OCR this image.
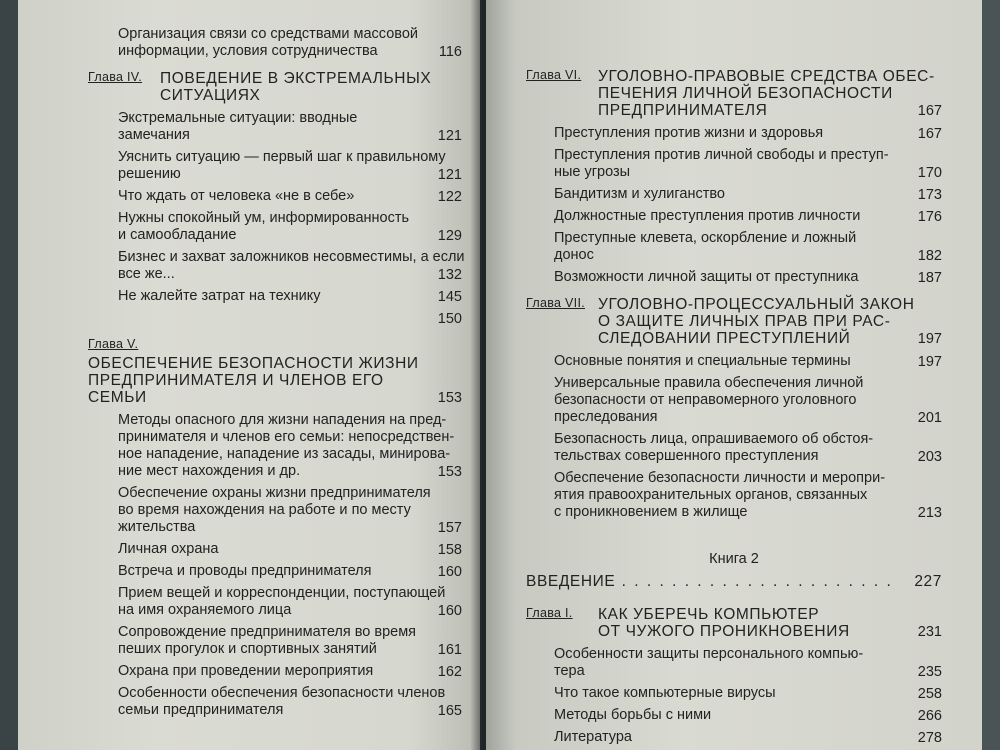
Организация связи со средствами массовой
информации, условия сотрудничества	116
Глава IV. ПОВЕДЕНИЕ В ЭКСТРЕМАЛЬНЫХ
СИТУАЦИЯХ
Экстремальные ситуации: вводные
замечания	121
Уяснить ситуацию — первый шаг к правильному
решению	121
Что ждать от человека «не в себе»	122
Нужны спокойный ум, информированность
и самообладание	129
Бизнес и захват заложников несовместимы, а если
все же...	132
Не жалейте затрат на технику	145

150
Глава V.
ОБЕСПЕЧЕНИЕ БЕЗОПАСНОСТИ ЖИЗНИ
ПРЕДПРИНИМАТЕЛЯ И ЧЛЕНОВ ЕГО
СЕМЬИ	153
Методы опасного для жизни нападения на пред-
принимателя и членов его семьи: непосредствен-
ное нападение, нападение из засады, минирова-
ние мест нахождения и др.	153
Обеспечение охраны жизни предпринимателя
во время нахождения на работе и по месту
жительства	157
Личная охрана	158
Встреча и проводы предпринимателя	160
Прием вещей и корреспонденции, поступающей
на имя охраняемого лица	160
Сопровождение предпринимателя во время
пеших прогулок и спортивных занятий	161
Охрана при проведении мероприятия	162
Особенности обеспечения безопасности членов
семьи предпринимателя	165
Глава VI. УГОЛОВНО-ПРАВОВЫЕ СРЕДСТВА ОБЕС-
ПЕЧЕНИЯ ЛИЧНОЙ БЕЗОПАСНОСТИ
ПРЕДПРИНИМАТЕЛЯ	167
Преступления против жизни и здоровья	167
Преступления против личной свободы и преступ-
ные угрозы	170
Бандитизм и хулиганство	173
Должностные преступления против личности	176
Преступные клевета, оскорбление и ложный
донос	182
Возможности личной защиты от преступника	187
Глава VII. УГОЛОВНО-ПРОЦЕССУАЛЬНЫЙ ЗАКОН
О ЗАЩИТЕ ЛИЧНЫХ ПРАВ ПРИ РАС-
СЛЕДОВАНИИ ПРЕСТУПЛЕНИЙ	197
Основные понятия и специальные термины	197
Универсальные правила обеспечения личной
безопасности от неправомерного уголовного
преследования	201
Безопасность лица, опрашиваемого об обстоя-
тельствах совершенного преступления	203
Обеспечение безопасности личности и меропри-
ятия правоохранительных органов, связанных
с проникновением в жилище	213
Книга 2
ВВЕДЕНИЕ . . . . . . . . . . . . . . . . . . . . . . 227
Глава I. КАК УБЕРЕЧЬ КОМПЬЮТЕР
ОТ ЧУЖОГО ПРОНИКНОВЕНИЯ	231
Особенности защиты персонального компью-
тера	235
Что такое компьютерные вирусы	258
Методы борьбы с ними	266
Литература	278
